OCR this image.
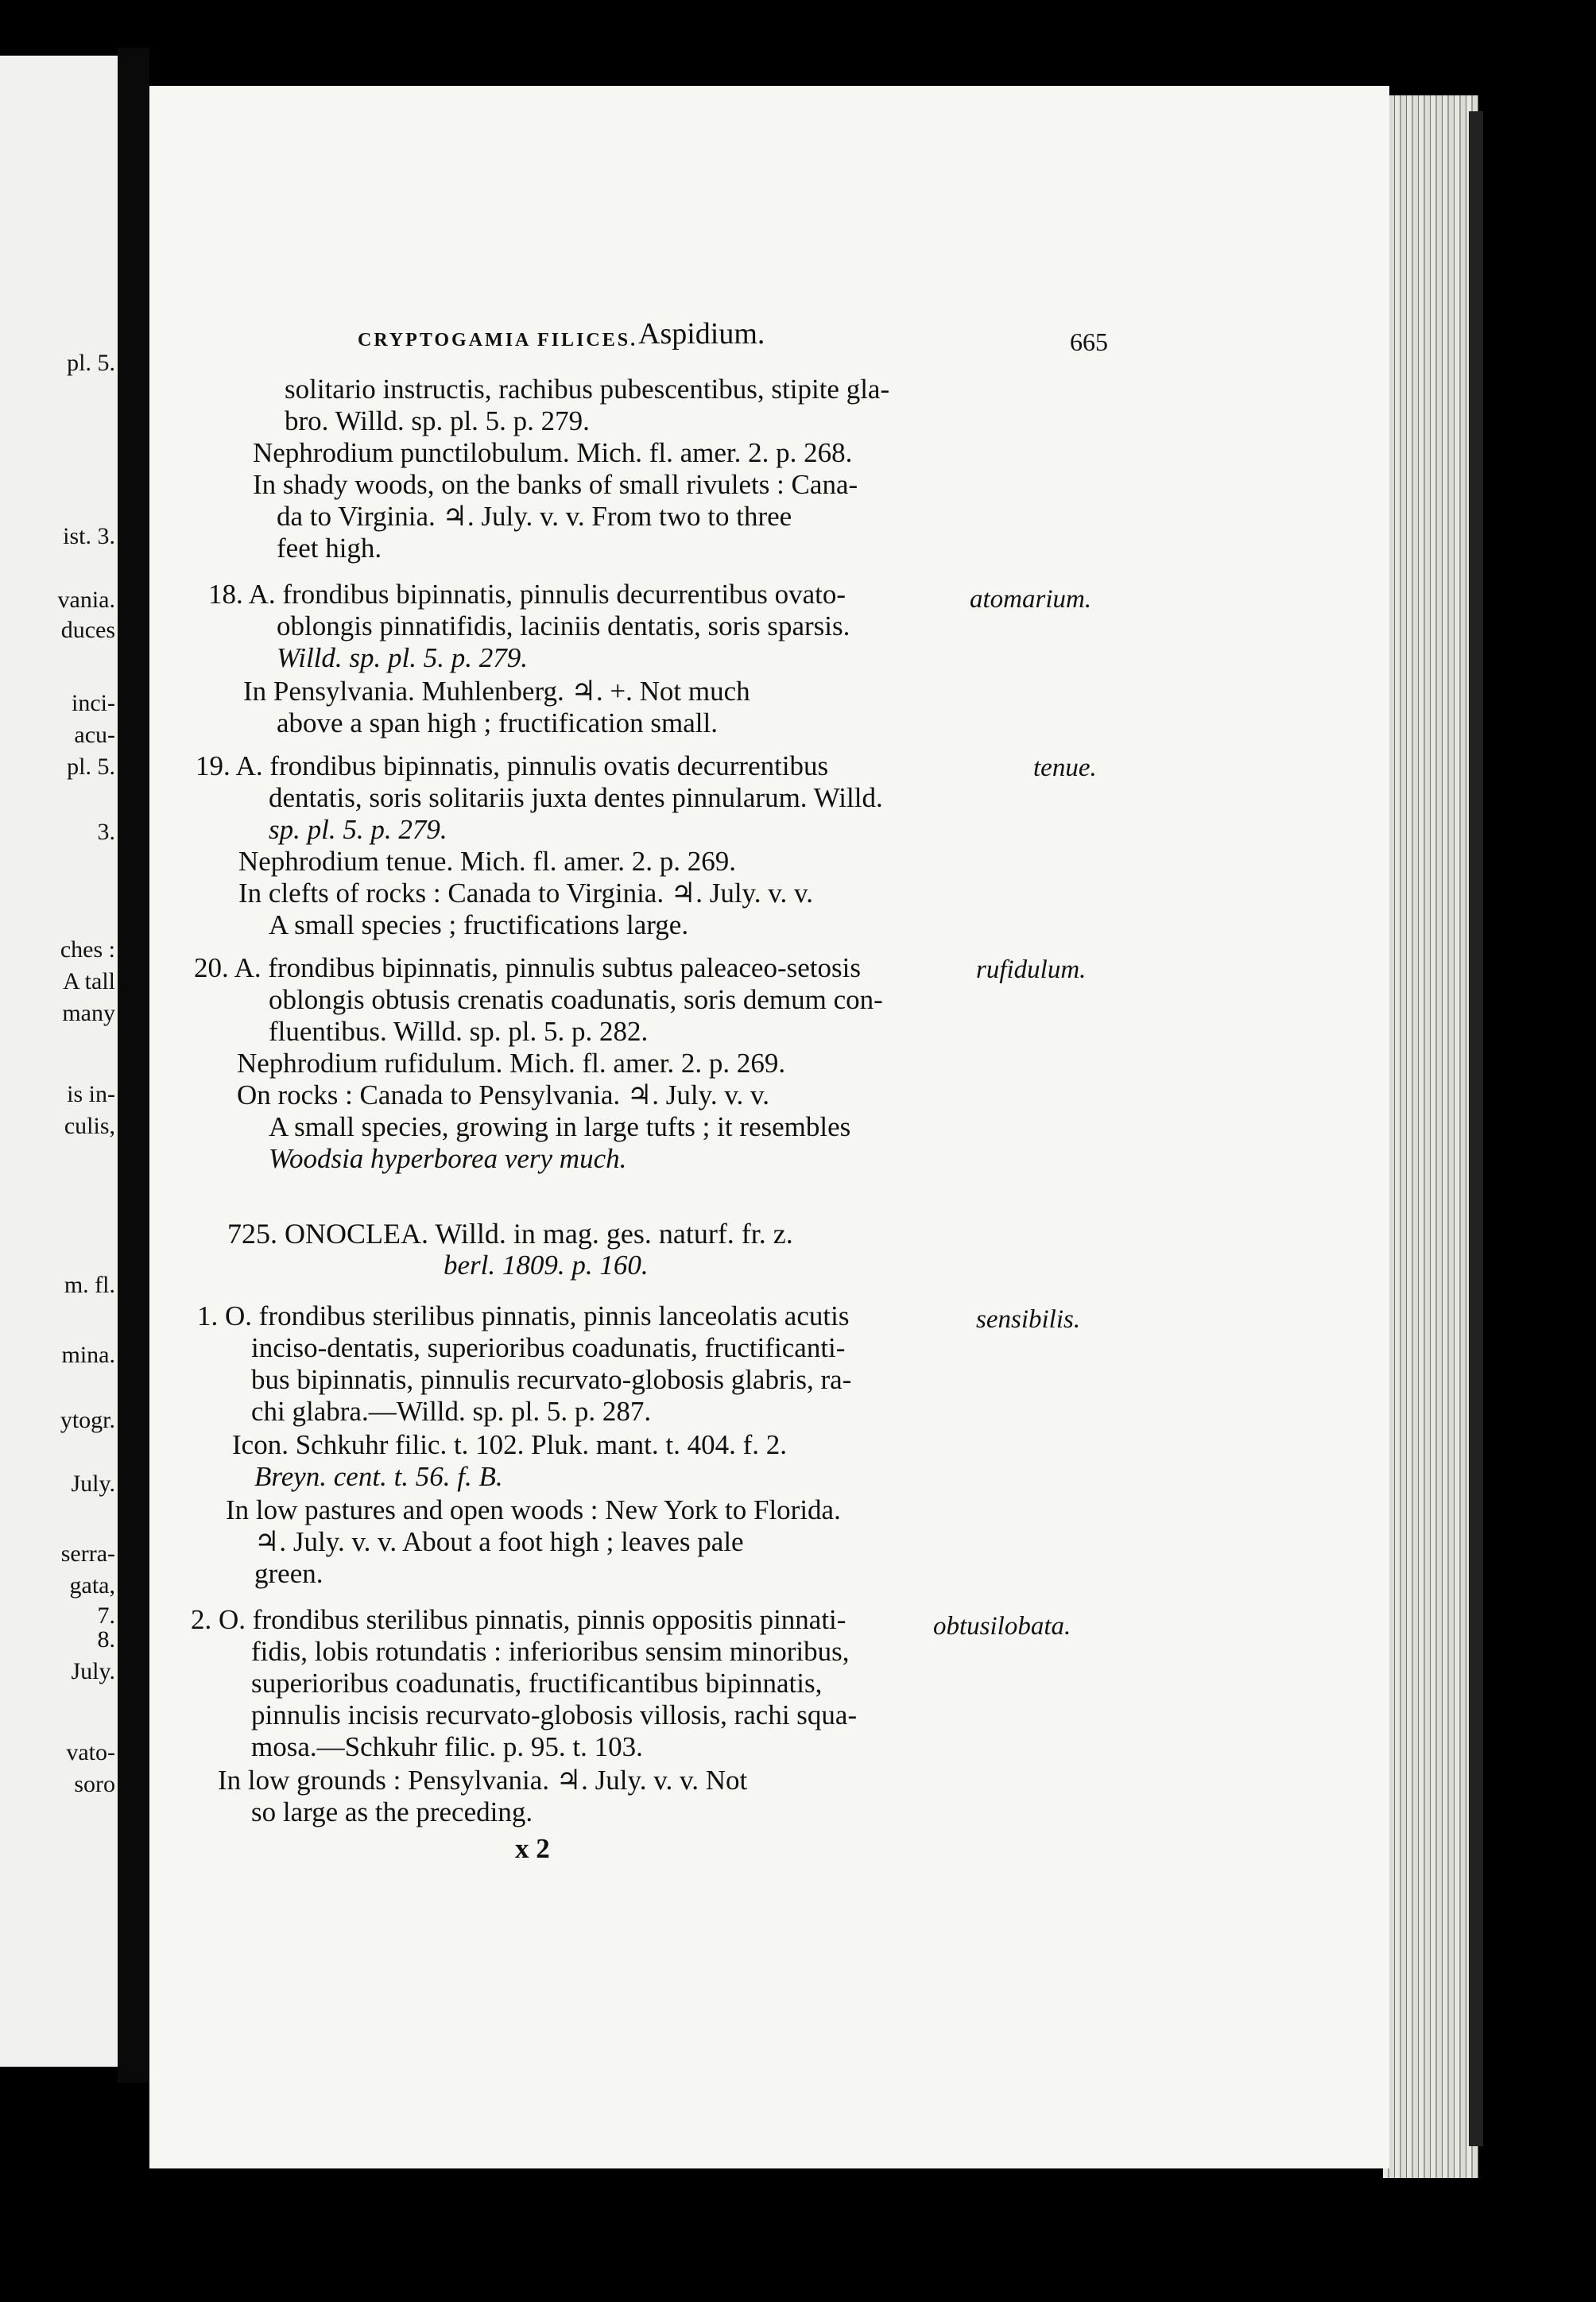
pl. 5.
ist. 3.
vania.
duces
inci-
acu-
pl. 5.
3.
ches :
A tall
many
is in-
culis,
m. fl.
mina.
ytogr.
July.
serra-
gata,
7.
8.
July.
vato-
soro
CRYPTOGAMIA FILICES. Aspidium.	665
solitario instructis, rachibus pubescentibus, stipite gla-
bro. Willd. sp. pl. 5. p. 279.
Nephrodium punctilobulum. Mich. fl. amer. 2. p. 268.
In shady woods, on the banks of small rivulets : Cana-
da to Virginia. ♃. July. v. v. From two to three
feet high.
18. A. frondibus bipinnatis, pinnulis decurrentibus ovato-
oblongis pinnatifidis, laciniis dentatis, soris sparsis.
Willd. sp. pl. 5. p. 279.
In Pensylvania. Muhlenberg. ♃. +. Not much
above a span high ; fructification small.
atomarium.
19. A. frondibus bipinnatis, pinnulis ovatis decurrentibus
dentatis, soris solitariis juxta dentes pinnularum. Willd.
sp. pl. 5. p. 279.
Nephrodium tenue. Mich. fl. amer. 2. p. 269.
In clefts of rocks : Canada to Virginia. ♃. July. v. v.
A small species ; fructifications large.
tenue.
20. A. frondibus bipinnatis, pinnulis subtus paleaceo-setosis
oblongis obtusis crenatis coadunatis, soris demum con-
fluentibus. Willd. sp. pl. 5. p. 282.
Nephrodium rufidulum. Mich. fl. amer. 2. p. 269.
On rocks : Canada to Pensylvania. ♃. July. v. v.
A small species, growing in large tufts ; it resembles
Woodsia hyperborea very much.
rufidulum.
725. ONOCLEA. Willd. in mag. ges. naturf. fr. z.
berl. 1809. p. 160.
1. O. frondibus sterilibus pinnatis, pinnis lanceolatis acutis
inciso-dentatis, superioribus coadunatis, fructificanti-
bus bipinnatis, pinnulis recurvato-globosis glabris, ra-
chi glabra.—Willd. sp. pl. 5. p. 287.
Icon. Schkuhr filic. t. 102. Pluk. mant. t. 404. f. 2.
Breyn. cent. t. 56. f. B.
In low pastures and open woods : New York to Florida.
♃. July. v. v. About a foot high ; leaves pale
green.
sensibilis.
2. O. frondibus sterilibus pinnatis, pinnis oppositis pinnati-
fidis, lobis rotundatis : inferioribus sensim minoribus,
superioribus coadunatis, fructificantibus bipinnatis,
pinnulis incisis recurvato-globosis villosis, rachi squa-
mosa.—Schkuhr filic. p. 95. t. 103.
In low grounds : Pensylvania. ♃. July. v. v. Not
so large as the preceding.
obtusilobata.
x 2
